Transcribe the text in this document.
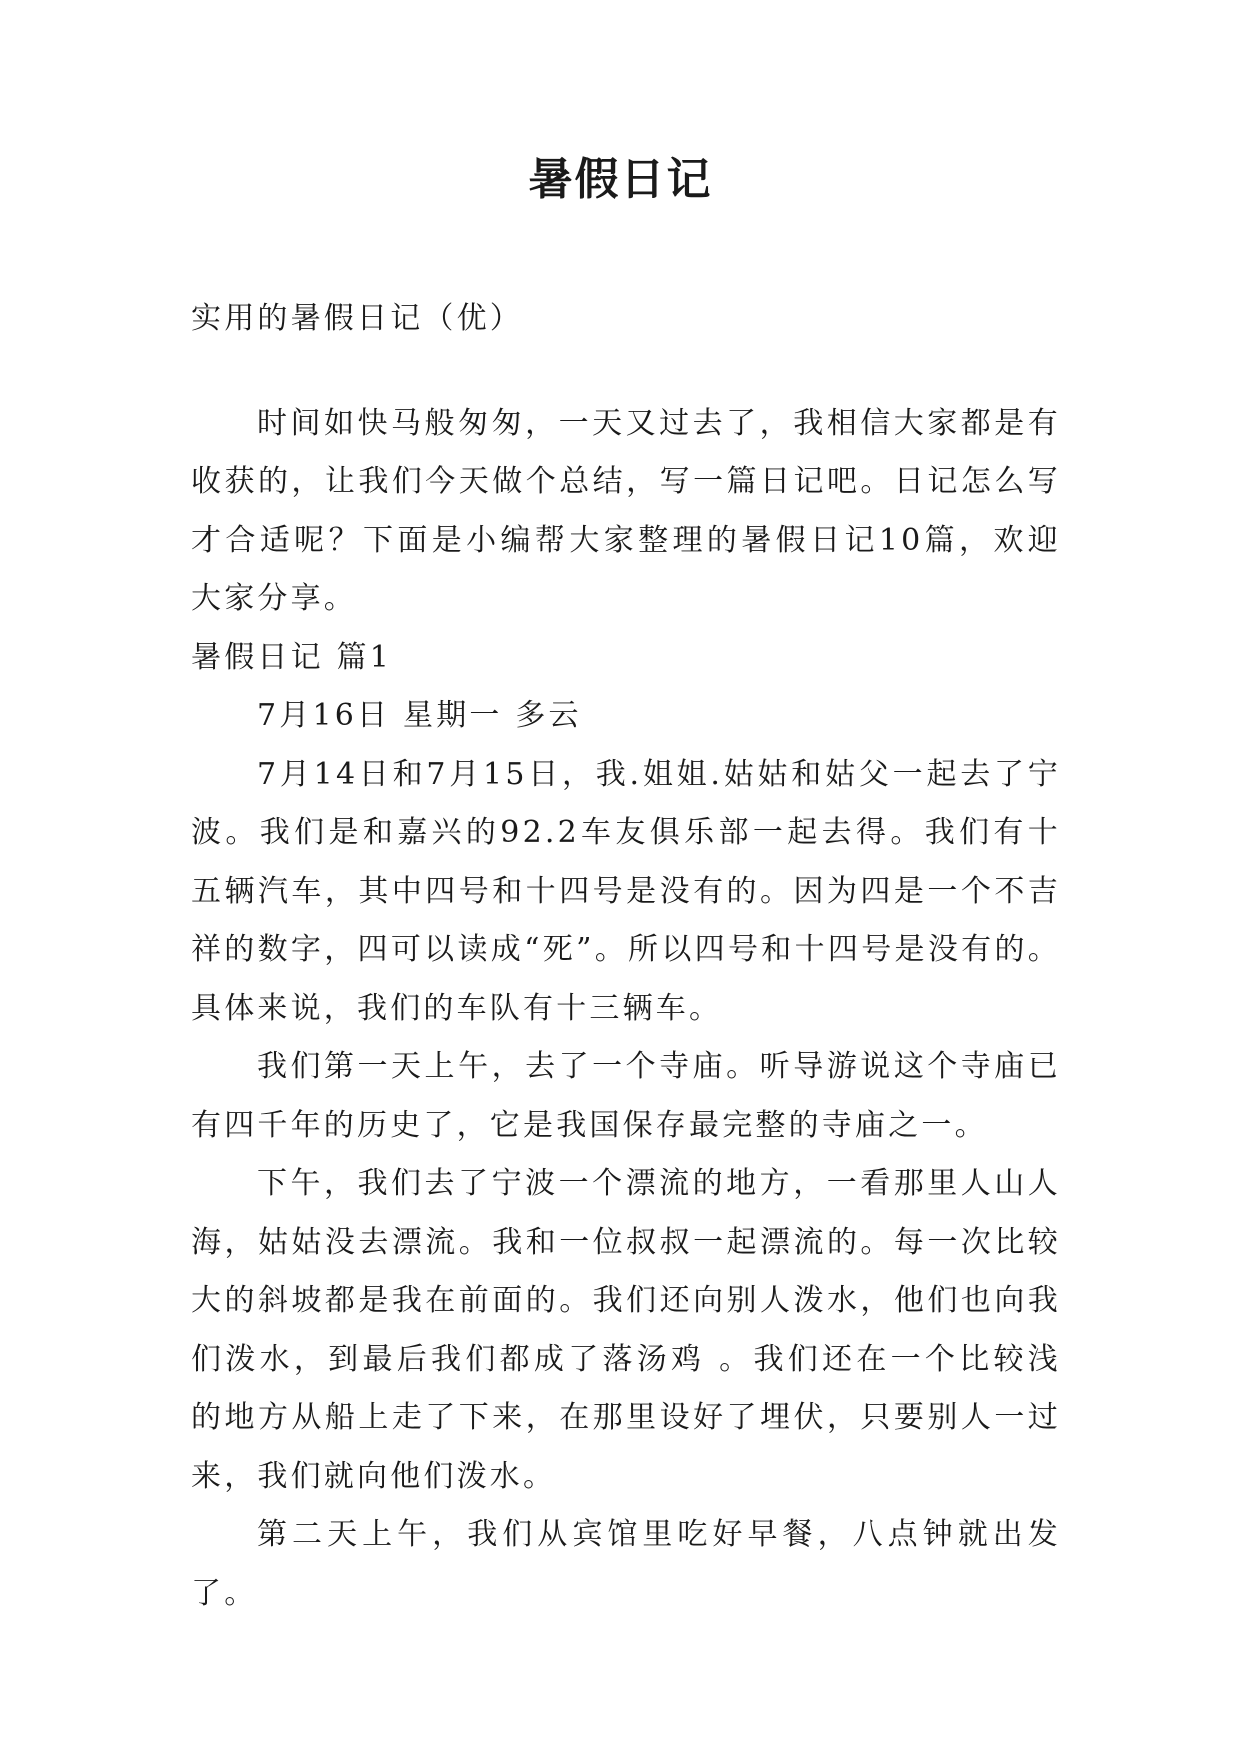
暑假日记

实用的暑假日记（优）

时间如快马般匆匆，一天又过去了，我相信大家都是有收获的，让我们今天做个总结，写一篇日记吧。日记怎么写才合适呢？下面是小编帮大家整理的暑假日记10篇，欢迎大家分享。

暑假日记 篇1

7月16日 星期一 多云

7月14日和7月15日，我.姐姐.姑姑和姑父一起去了宁波。我们是和嘉兴的92.2车友俱乐部一起去得。我们有十五辆汽车，其中四号和十四号是没有的。因为四是一个不吉祥的数字，四可以读成“死”。所以四号和十四号是没有的。具体来说，我们的车队有十三辆车。

我们第一天上午，去了一个寺庙。听导游说这个寺庙已有四千年的历史了，它是我国保存最完整的寺庙之一。

下午，我们去了宁波一个漂流的地方，一看那里人山人海，姑姑没去漂流。我和一位叔叔一起漂流的。每一次比较大的斜坡都是我在前面的。我们还向别人泼水，他们也向我们泼水，到最后我们都成了落汤鸡 。我们还在一个比较浅的地方从船上走了下来，在那里设好了埋伏，只要别人一过来，我们就向他们泼水。

第二天上午，我们从宾馆里吃好早餐，八点钟就出发了。
